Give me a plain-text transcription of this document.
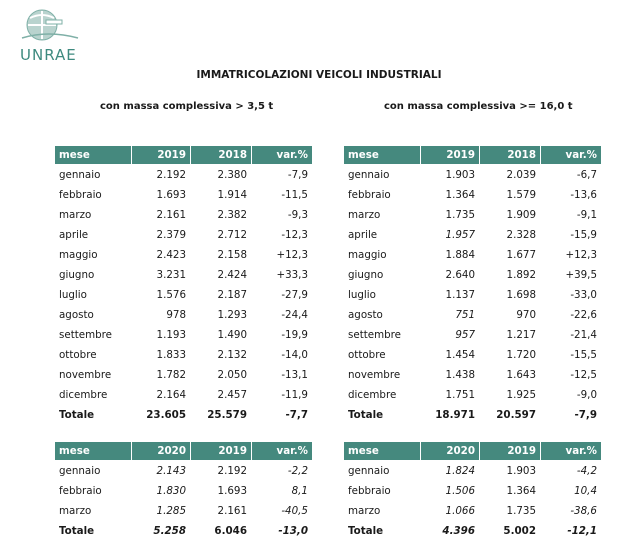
UNRAE
IMMATRICOLAZIONI VEICOLI INDUSTRIALI
con massa complessiva > 3,5 t	con massa complessiva >= 16,0 t
mese	2019	2018	var.%
gennaio	2.192	2.380	-7,9
febbraio	1.693	1.914	-11,5
marzo	2.161	2.382	-9,3
aprile	2.379	2.712	-12,3
maggio	2.423	2.158	+12,3
giugno	3.231	2.424	+33,3
luglio	1.576	2.187	-27,9
agosto	978	1.293	-24,4
settembre	1.193	1.490	-19,9
ottobre	1.833	2.132	-14,0
novembre	1.782	2.050	-13,1
dicembre	2.164	2.457	-11,9
Totale	23.605	25.579	-7,7
mese	2019	2018	var.%
gennaio	1.903	2.039	-6,7
febbraio	1.364	1.579	-13,6
marzo	1.735	1.909	-9,1
aprile	1.957	2.328	-15,9
maggio	1.884	1.677	+12,3
giugno	2.640	1.892	+39,5
luglio	1.137	1.698	-33,0
agosto	751	970	-22,6
settembre	957	1.217	-21,4
ottobre	1.454	1.720	-15,5
novembre	1.438	1.643	-12,5
dicembre	1.751	1.925	-9,0
Totale	18.971	20.597	-7,9
mese	2020	2019	var.%
gennaio	2.143	2.192	-2,2
febbraio	1.830	1.693	8,1
marzo	1.285	2.161	-40,5
Totale	5.258	6.046	-13,0
mese	2020	2019	var.%
gennaio	1.824	1.903	-4,2
febbraio	1.506	1.364	10,4
marzo	1.066	1.735	-38,6
Totale	4.396	5.002	-12,1
